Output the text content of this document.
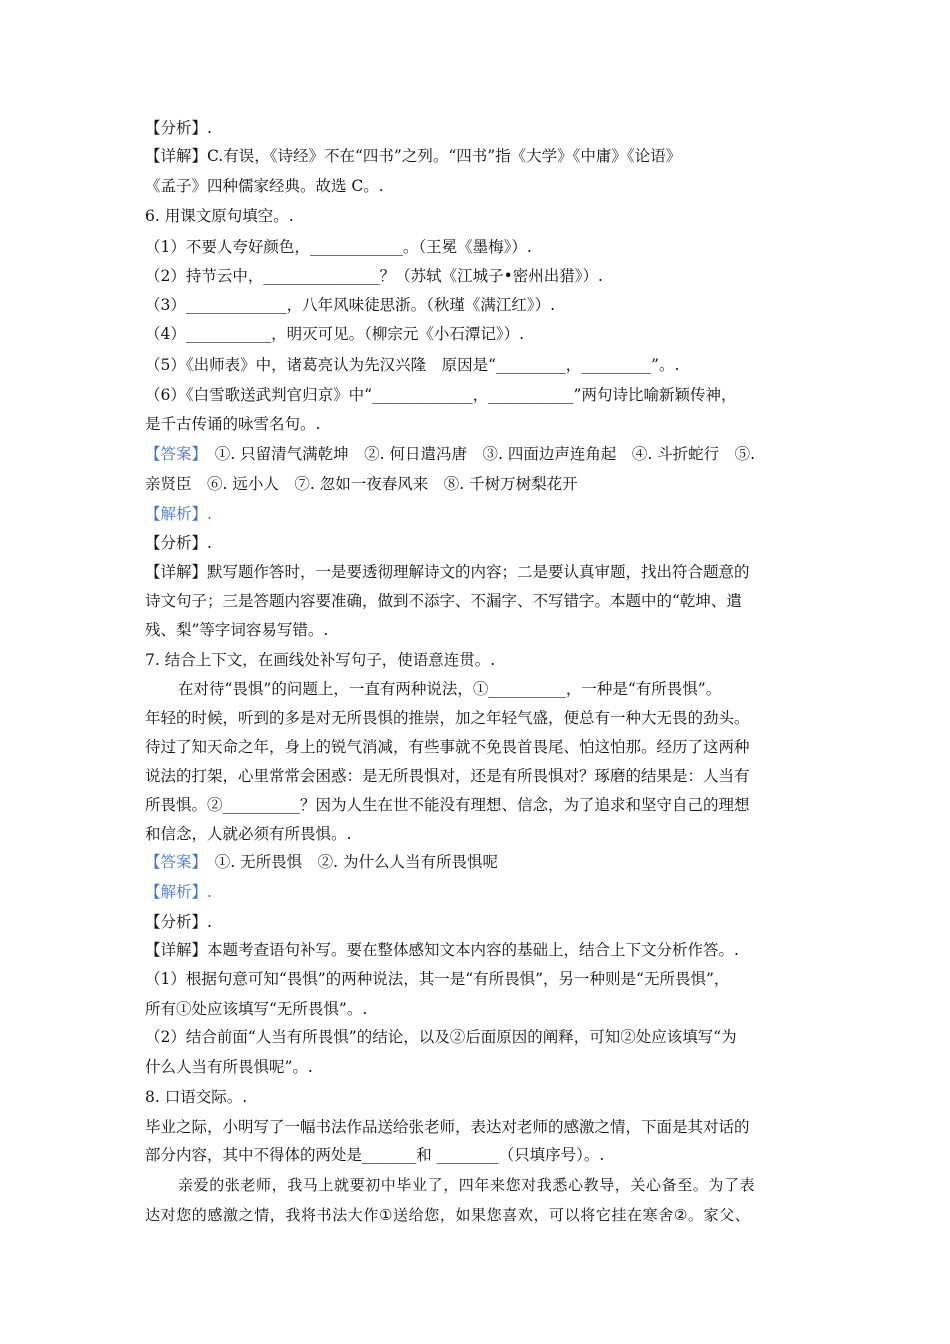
【分析】.
【详解】C.有误，《诗经》不在“四书”之列。“四书”指《大学》《中庸》《论语》
《孟子》四种儒家经典。故选 C。.
6. 用课文原句填空。.
（1）不要人夸好颜色，____________。（王冕《墨梅》）.
（2）持节云中，_______________？（苏轼《江城子•密州出猎》）.
（3）_____________，八年风味徒思浙。（秋瑾《满江红》）.
（4）___________，明灭可见。（柳宗元《小石潭记》）.
（5）《出师表》中，诸葛亮认为先汉兴隆　原因是“_________，_________”。.
（6）《白雪歌送武判官归京》中“_____________，___________”两句诗比喻新颖传神，
是千古传诵的咏雪名句。.
【答案】　①. 只留清气满乾坤　②. 何日遣冯唐　③. 四面边声连角起　④. 斗折蛇行　⑤.
亲贤臣　⑥. 远小人　⑦. 忽如一夜春风来　⑧. 千树万树梨花开
【解析】.
【分析】.
【详解】默写题作答时，一是要透彻理解诗文的内容；二是要认真审题，找出符合题意的
诗文句子；三是答题内容要准确，做到不添字、不漏字、不写错字。本题中的“乾坤、遣
残、梨”等字词容易写错。.
7. 结合上下文，在画线处补写句子，使语意连贯。.
在对待“畏惧”的问题上，一直有两种说法，①__________，一种是“有所畏惧”。
年轻的时候，听到的多是对无所畏惧的推崇，加之年轻气盛，便总有一种大无畏的劲头。
待过了知天命之年，身上的锐气消减，有些事就不免畏首畏尾、怕这怕那。经历了这两种
说法的打架，心里常常会困惑：是无所畏惧对，还是有所畏惧对？琢磨的结果是：人当有
所畏惧。②__________？因为人生在世不能没有理想、信念，为了追求和坚守自己的理想
和信念，人就必须有所畏惧。.
【答案】　①. 无所畏惧　②. 为什么人当有所畏惧呢
【解析】.
【分析】.
【详解】本题考查语句补写。要在整体感知文本内容的基础上，结合上下文分析作答。.
（1）根据句意可知“畏惧”的两种说法，其一是“有所畏惧”，另一种则是“无所畏惧”，
所有①处应该填写“无所畏惧”。.
（2）结合前面“人当有所畏惧”的结论，以及②后面原因的阐释，可知②处应该填写“为
什么人当有所畏惧呢”。.
8. 口语交际。.
毕业之际，小明写了一幅书法作品送给张老师，表达对老师的感激之情，下面是其对话的
部分内容，其中不得体的两处是_______和 ________（只填序号）。.
亲爱的张老师，我马上就要初中毕业了，四年来您对我悉心教导，关心备至。为了表
达对您的感激之情，我将书法大作①送给您，如果您喜欢，可以将它挂在寒舍②。家父、
